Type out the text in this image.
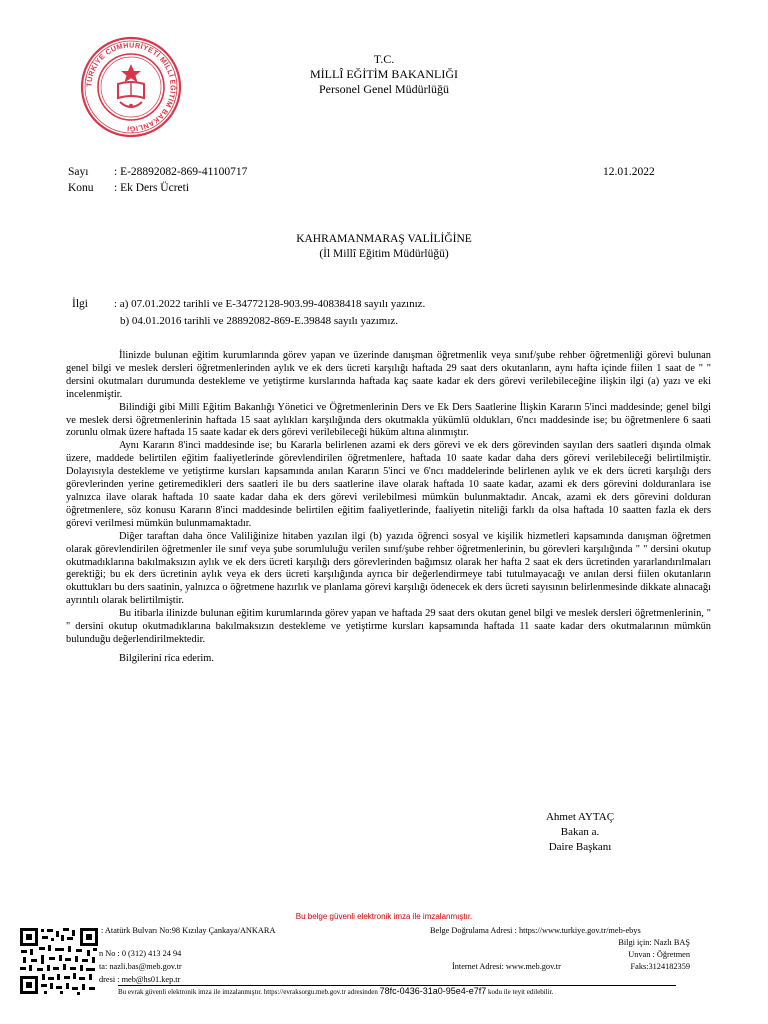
TÜRKİYE CUMHURİYETİ MİLLÎ EĞİTİM BAKANLIĞI
T.C.
MİLLÎ EĞİTİM BAKANLIĞI
Personel Genel Müdürlüğü
Sayı : E-28892082-869-41100717
Konu : Ek Ders Ücreti
12.01.2022
KAHRAMANMARAŞ VALİLİĞİNE
(İl Millî Eğitim Müdürlüğü)
İlgi : a) 07.01.2022 tarihli ve E-34772128-903.99-40838418 sayılı yazınız.
b) 04.01.2016 tarihli ve 28892082-869-E.39848 sayılı yazımız.

İlinizde bulunan eğitim kurumlarında görev yapan ve üzerinde danışman öğretmenlik veya sınıf/şube rehber öğretmenliği görevi bulunan genel bilgi ve meslek dersleri öğretmenlerinden aylık ve ek ders ücreti karşılığı haftada 29 saat ders okutanların, aynı hafta içinde fiilen 1 saat de " " dersini okutmaları durumunda destekleme ve yetiştirme kurslarında haftada kaç saate kadar ek ders görevi verilebileceğine ilişkin ilgi (a) yazı ve eki incelenmiştir.

Bilindiği gibi Millî Eğitim Bakanlığı Yönetici ve Öğretmenlerinin Ders ve Ek Ders Saatlerine İlişkin Kararın 5'inci maddesinde; genel bilgi ve meslek dersi öğretmenlerinin haftada 15 saat aylıkları karşılığında ders okutmakla yükümlü oldukları, 6'ncı maddesinde ise; bu öğretmenlere 6 saati zorunlu olmak üzere haftada 15 saate kadar ek ders görevi verilebileceği hüküm altına alınmıştır.

Aynı Kararın 8'inci maddesinde ise; bu Kararla belirlenen azami ek ders görevi ve ek ders görevinden sayılan ders saatleri dışında olmak üzere, maddede belirtilen eğitim faaliyetlerinde görevlendirilen öğretmenlere, haftada 10 saate kadar daha ders görevi verilebileceği belirtilmiştir. Dolayısıyla destekleme ve yetiştirme kursları kapsamında anılan Kararın 5'inci ve 6'ncı maddelerinde belirlenen aylık ve ek ders ücreti karşılığı ders görevlerinden yerine getiremedikleri ders saatleri ile bu ders saatlerine ilave olarak haftada 10 saate kadar, azami ek ders görevini dolduranlara ise yalnızca ilave olarak haftada 10 saate kadar daha ek ders görevi verilebilmesi mümkün bulunmaktadır. Ancak, azami ek ders görevini dolduran öğretmenlere, söz konusu Kararın 8'inci maddesinde belirtilen eğitim faaliyetlerinde, faaliyetin niteliği farklı da olsa haftada 10 saatten fazla ek ders görevi verilmesi mümkün bulunmamaktadır.

Diğer taraftan daha önce Valiliğinize hitaben yazılan ilgi (b) yazıda öğrenci sosyal ve kişilik hizmetleri kapsamında danışman öğretmen olarak görevlendirilen öğretmenler ile sınıf veya şube sorumluluğu verilen sınıf/şube rehber öğretmenlerinin, bu görevleri karşılığında " " dersini okutup okutmadıklarına bakılmaksızın aylık ve ek ders ücreti karşılığı ders görevlerinden bağımsız olarak her hafta 2 saat ek ders ücretinden yararlandırılmaları gerektiği; bu ek ders ücretinin aylık veya ek ders ücreti karşılığında ayrıca bir değerlendirmeye tabi tutulmayacağı ve anılan dersi fiilen okutanların okuttukları bu ders saatinin, yalnızca o öğretmene hazırlık ve planlama görevi karşılığı ödenecek ek ders ücreti sayısının belirlenmesinde dikkate alınacağı ayrıntılı olarak belirtilmiştir.

Bu itibarla ilinizde bulunan eğitim kurumlarında görev yapan ve haftada 29 saat ders okutan genel bilgi ve meslek dersleri öğretmenlerinin, " " dersini okutup okutmadıklarına bakılmaksızın destekleme ve yetiştirme kursları kapsamında haftada 11 saate kadar ders okutmalarının mümkün bulunduğu değerlendirilmektedir.

Bilgilerini rica ederim.

Ahmet AYTAÇ
Bakan a.
Daire Başkanı
Bu belge güvenli elektronik imza ile imzalanmıştır.
: Atatürk Bulvarı No:98 Kızılay Çankaya/ANKARA
n No : 0 (312) 413 24 94
ta: nazli.bas@meb.gov.tr
dresi : meb@hs01.kep.tr
Belge Doğrulama Adresi : https://www.turkiye.gov.tr/meb-ebys
Bilgi için: Nazlı BAŞ
Unvan : Öğretmen
İnternet Adresi: www.meb.gov.tr	Faks:3124182359
Bu evrak güvenli elektronik imza ile imzalanmıştır. https://evraksorgu.meb.gov.tr adresinden 78fc-0436-31a0-95e4-e7f7 kodu ile teyit edilebilir.
